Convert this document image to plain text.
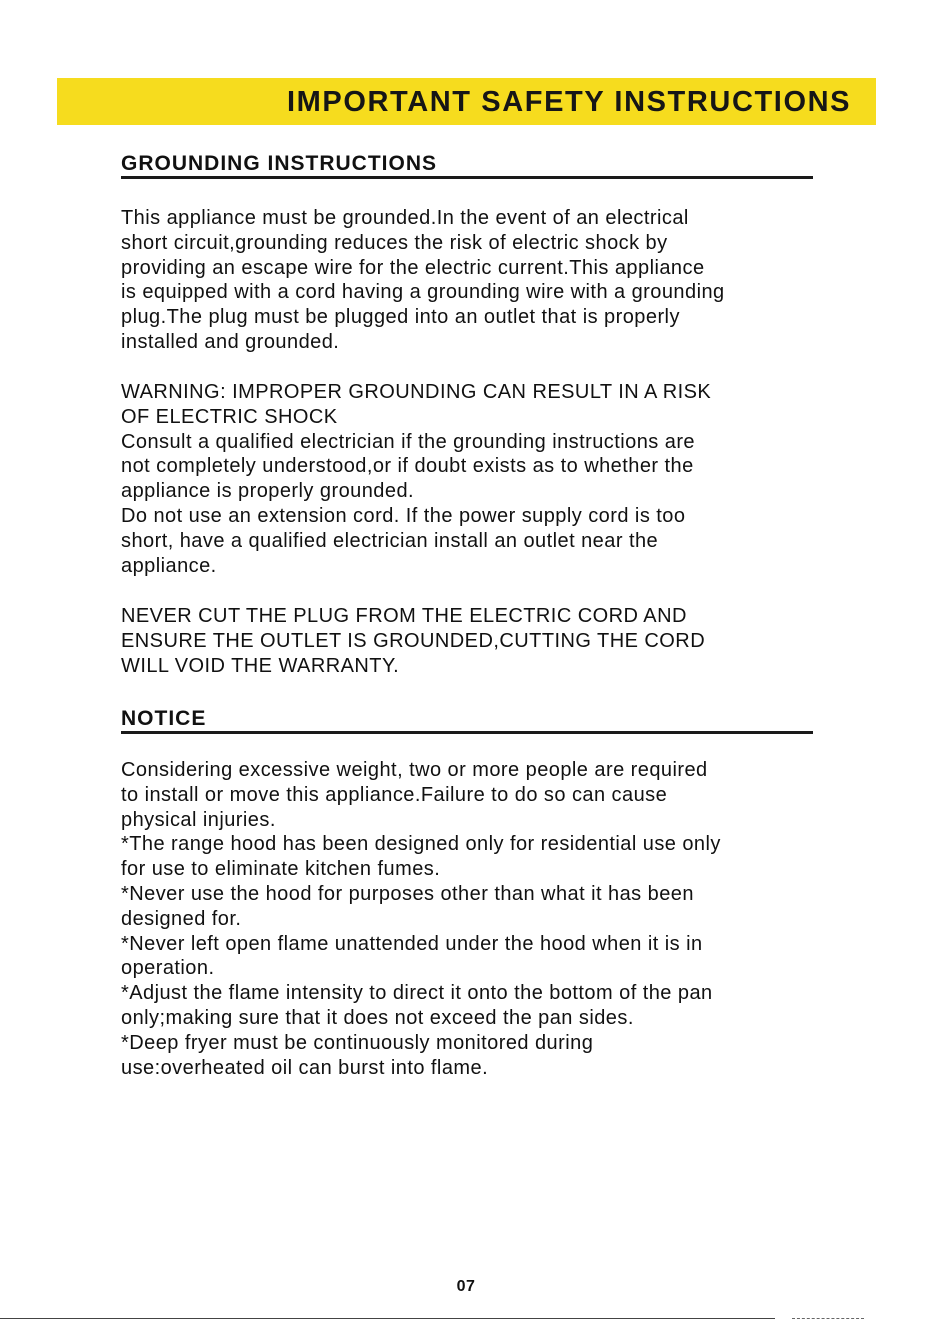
IMPORTANT SAFETY INSTRUCTIONS
GROUNDING INSTRUCTIONS
This appliance must be grounded.In the event of an electrical
short circuit,grounding reduces the risk of electric shock by
providing an escape wire for the electric current.This appliance
is equipped with a cord having a grounding wire with a grounding
plug.The plug must be plugged into an outlet that is properly
installed and grounded.
WARNING: IMPROPER GROUNDING CAN RESULT IN A RISK
OF ELECTRIC SHOCK
Consult a qualified electrician if the grounding instructions are
not completely understood,or if doubt exists as to whether the
appliance is properly grounded.
Do not use an extension cord. If the power supply cord is too
short, have a qualified electrician install an outlet near the
appliance.
NEVER CUT THE PLUG FROM THE ELECTRIC CORD AND
ENSURE THE OUTLET IS GROUNDED,CUTTING THE CORD
WILL VOID THE WARRANTY.
NOTICE
Considering excessive weight, two or more people are required
to install or move this appliance.Failure to do so can cause
physical injuries.
*The range hood has been designed only for residential use only
for use to eliminate kitchen fumes.
*Never use the hood for purposes other than what it has been
designed for.
*Never left open flame unattended under the hood when it is in
operation.
*Adjust the flame intensity to direct it onto the bottom of the pan
only;making sure that it does not exceed the pan sides.
*Deep fryer must be continuously monitored during
use:overheated oil can burst into flame.
07
